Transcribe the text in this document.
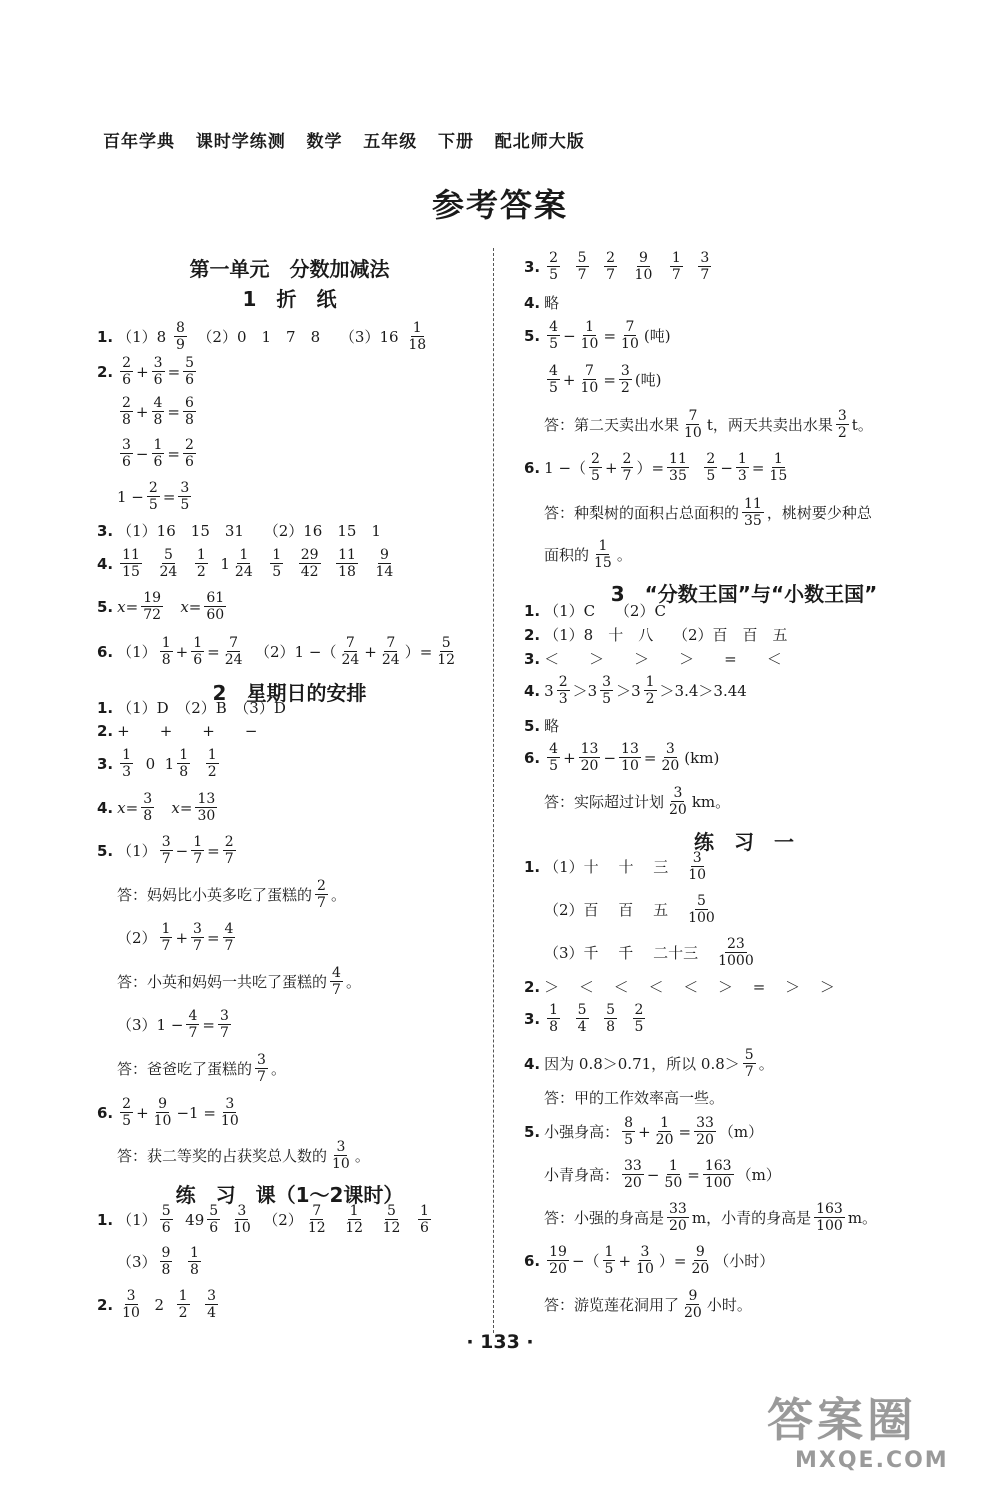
百年学典   课时学练测   数学   五年级   下册   配北师大版
参考答案
第一单元　分数加减法
1　折　纸
1. $(1)8 \frac{8}{9}$ 　（2）0　1　7　8　 $(3)16 \frac{1}{18}$
2. $\frac{2}{6} + \frac{3}{6} = \frac{5}{6}$
$\frac{2}{8} + \frac{4}{8} = \frac{6}{8}$
$\frac{3}{6} - \frac{1}{6} = \frac{2}{6}$
$1 - \frac{2}{5} = \frac{3}{5}$
3. （1）16　15　31　 （2）16　15　1
4. $\frac{11}{15}$
$\frac{5}{24}$
$\frac{1}{2} 1 \frac{1}{24}$
$\frac{1}{5}$
$\frac{29}{42}$
$\frac{11}{18}$
$\frac{9}{14}$
5. $x= \frac{19}{72}$	$x= \frac{61}{60}$
6. $(1) \frac{1}{8} + \frac{1}{6} = \frac{7}{24}$ 　（2）1 −（ $\frac{7}{24} + \frac{7}{24}$ ）= $\frac{5}{12}$
2　星期日的安排
1. （1）D　（2）B　（3）D
2. +　　+　　+　　−
3. $\frac{1}{3} 0$  $1 \frac{1}{8}$
$\frac{1}{2}$
4. $x= \frac{3}{8}$	$x= \frac{13}{30}$
5. $(1) \frac{3}{7} - \frac{1}{7} = \frac{2}{7}$
答：妈妈比小英多吃了蛋糕的 $\frac{2}{7}$ 。
$(2) \frac{1}{7} + \frac{3}{7} = \frac{4}{7}$
答：小英和妈妈一共吃了蛋糕的 $\frac{4}{7}$ 。
$(3)1 - \frac{4}{7} = \frac{3}{7}$
答：爸爸吃了蛋糕的 $\frac{3}{7}$ 。
6. $\frac{2}{5} + \frac{9}{10} -1 = \frac{3}{10}$
答：获二等奖的占获奖总人数的 $\frac{3}{10}$ 。
练　习　课（1～2课时）
1. $(1) \frac{5}{6} 49 \frac{5}{6}$
$\frac{3}{10}$ 　$(2) \frac{7}{12}$
$\frac{1}{12}$
$\frac{5}{12}$
$\frac{1}{6}$
$(3) \frac{9}{8}$
$\frac{1}{8}$
2. $\frac{3}{10} 2 \frac{1}{2}$
$\frac{3}{4}$
3. $\frac{2}{5}$
$\frac{5}{7}$
$\frac{2}{7}$
$\frac{9}{10}$
$\frac{1}{7}$
$\frac{3}{7}$
4. 略
5. $\frac{4}{5} - \frac{1}{10} = \frac{7}{10}$ (吨)
$\frac{4}{5} + \frac{7}{10} = \frac{3}{2}$ (吨)
答：第二天卖出水果 $\frac{7}{10}$ t，两天共卖出水果 $\frac{3}{2}$ t。
6. 1 −（ $\frac{2}{5} + \frac{2}{7}$ ）= $\frac{11}{35}$
$\frac{2}{5} - \frac{1}{3} = \frac{1}{15}$
答：种梨树的面积占总面积的 $\frac{11}{35}$ ，桃树要少种总
面积的 $\frac{1}{15}$ 。
3　“分数王国”与“小数王国”
1. （1）C　 （2）C
2. （1）8　十　八　 （2）百　百　五
3. ＜　　＞　　＞　　＞　　=　　＜
4. $3 \frac{2}{3} >3 \frac{3}{5} >3 \frac{1}{2}$ ＞3.4̇＞3.44
5. 略
6. $\frac{4}{5} + \frac{13}{20} - \frac{13}{10} = \frac{3}{20} (km)$
答：实际超过计划 $\frac{3}{20}$ km。
练　习　一
1. （1）十　 十　 三　 $\frac{3}{10}$
（2）百　 百　 五　 $\frac{5}{100}$
（3）千　 千　 二十三　 $\frac{23}{1000}$
2. ＞　 ＜　 ＜　 ＜　 ＜　 ＞　 =　 ＞　 ＞
3. $\frac{1}{8}$
$\frac{5}{4}$
$\frac{5}{8}$
$\frac{2}{5}$
4. 因为 0.8＞0.71，所以 $0.8> \frac{5}{7}$ 。
答：甲的工作效率高一些。
5. 小强身高： $\frac{8}{5} + \frac{1}{20} = \frac{33}{20} (m)$
小青身高： $\frac{33}{20} - \frac{1}{50} = \frac{163}{100} (m)$
答：小强的身高是 $\frac{33}{20}$ m，小青的身高是 $\frac{163}{100}$ m。
6. $\frac{19}{20}$ −（ $\frac{1}{5} + \frac{3}{10}$ ）= $\frac{9}{20}$ （小时）
答：游览莲花洞用了 $\frac{9}{20}$ 小时。
· 133 ·
答案圈
MXQE.COM
